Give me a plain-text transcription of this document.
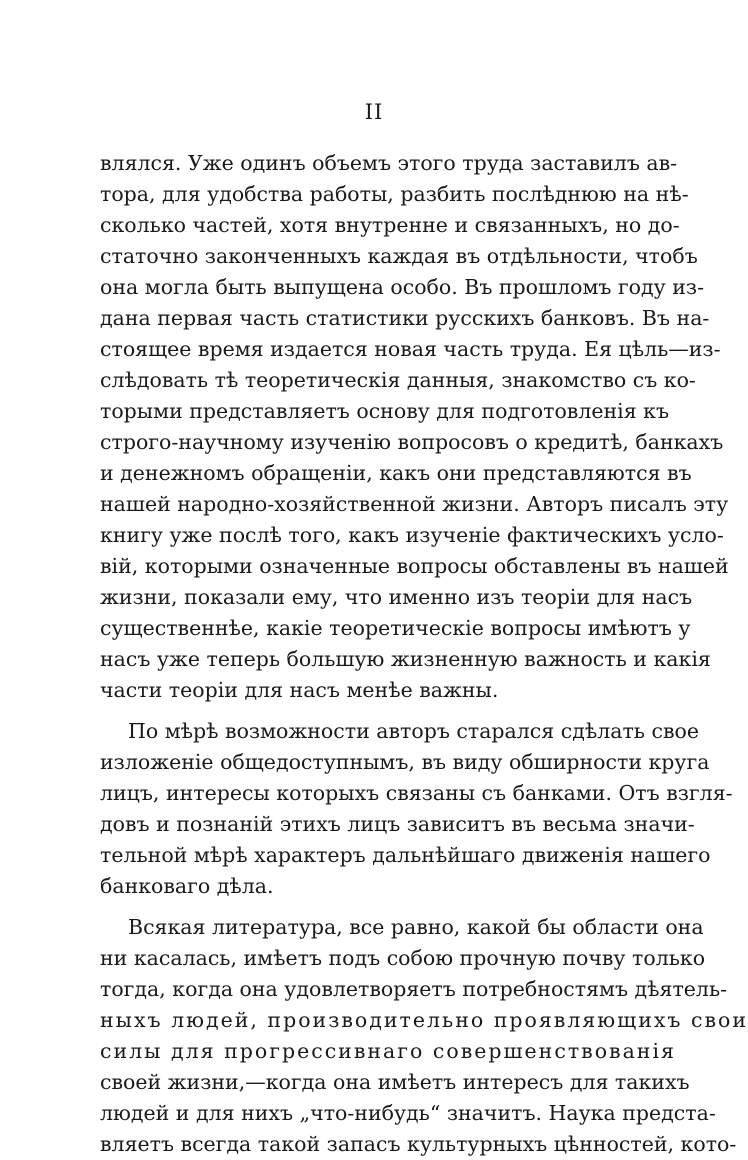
II
влялся. Уже одинъ объемъ этого труда заставилъ ав-
тора, для удобства работы, разбить послѣднюю на нѣ-
сколько частей, хотя внутренне и связанныхъ, но до-
статочно законченныхъ каждая въ отдѣльности, чтобъ
она могла быть выпущена особо. Въ прошломъ году из-
дана первая часть статистики русскихъ банковъ. Въ на-
стоящее время издается новая часть труда. Ея цѣль—из-
слѣдовать тѣ теоретическія данныя, знакомство съ ко-
торыми представляетъ основу для подготовленія къ
строго-научному изученію вопросовъ о кредитѣ, банкахъ
и денежномъ обращеніи, какъ они представляются въ
нашей народно-хозяйственной жизни. Авторъ писалъ эту
книгу уже послѣ того, какъ изученіе фактическихъ усло-
вій, которыми означенные вопросы обставлены въ нашей
жизни, показали ему, что именно изъ теоріи для насъ
существеннѣе, какіе теоретическіе вопросы имѣютъ у
насъ уже теперь большую жизненную важность и какія
части теоріи для насъ менѣе важны.
По мѣрѣ возможности авторъ старался сдѣлать свое
изложеніе общедоступнымъ, въ виду обширности круга
лицъ, интересы которыхъ связаны съ банками. Отъ взгля-
довъ и познаній этихъ лицъ зависитъ въ весьма значи-
тельной мѣрѣ характеръ дальнѣйшаго движенія нашего
банковаго дѣла.
Всякая литература, все равно, какой бы области она
ни касалась, имѣетъ подъ собою прочную почву только
тогда, когда она удовлетворяетъ потребностямъ дѣятель-
ныхъ людей, производительно проявляющихъ свои
силы для прогрессивнаго совершенствованія
своей жизни,—когда она имѣетъ интересъ для такихъ
людей и для нихъ „что-нибудь“ значитъ. Наука предста-
вляетъ всегда такой запасъ культурныхъ цѣнностей, кото-
